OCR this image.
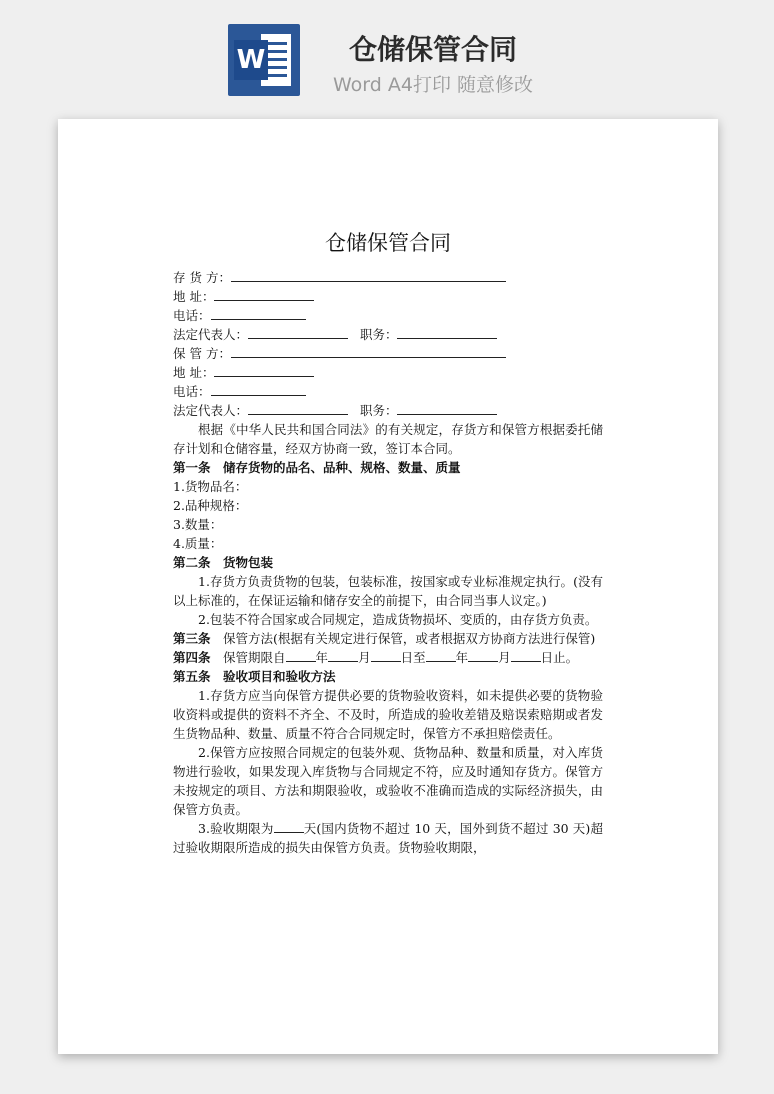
W	仓储保管合同
Word A4打印 随意修改
仓储保管合同
存 货 方：
地 址：
电话：
法定代表人：	职务：
保 管 方：
地 址：
电话：
法定代表人：	职务：
根据《中华人民共和国合同法》的有关规定，存货方和保管方根据委托储存计划和仓储容量，经双方协商一致，签订本合同。
第一条　储存货物的品名、品种、规格、数量、质量
1.货物品名：
2.品种规格：
3.数量：
4.质量：
第二条　货物包装
1.存货方负责货物的包装，包装标准，按国家或专业标准规定执行。(没有以上标准的，在保证运输和储存安全的前提下，由合同当事人议定。)
2.包装不符合国家或合同规定，造成货物损坏、变质的，由存货方负责。
第三条　 保管方法(根据有关规定进行保管，或者根据双方协商方法进行保管)
第四条　 保管期限自 年 月 日至 年 月 日止。
第五条　验收项目和验收方法
1.存货方应当向保管方提供必要的货物验收资料，如未提供必要的货物验收资料或提供的资料不齐全、不及时，所造成的验收差错及赔误索赔期或者发生货物品种、数量、质量不符合合同规定时，保管方不承担赔偿责任。
2.保管方应按照合同规定的包装外观、货物品种、数量和质量，对入库货物进行验收，如果发现入库货物与合同规定不符，应及时通知存货方。保管方未按规定的项目、方法和期限验收，或验收不准确而造成的实际经济损失，由保管方负责。
3.验收期限为 天(国内货物不超过 10 天，国外到货不超过 30 天)超过验收期限所造成的损失由保管方负责。货物验收期限，
